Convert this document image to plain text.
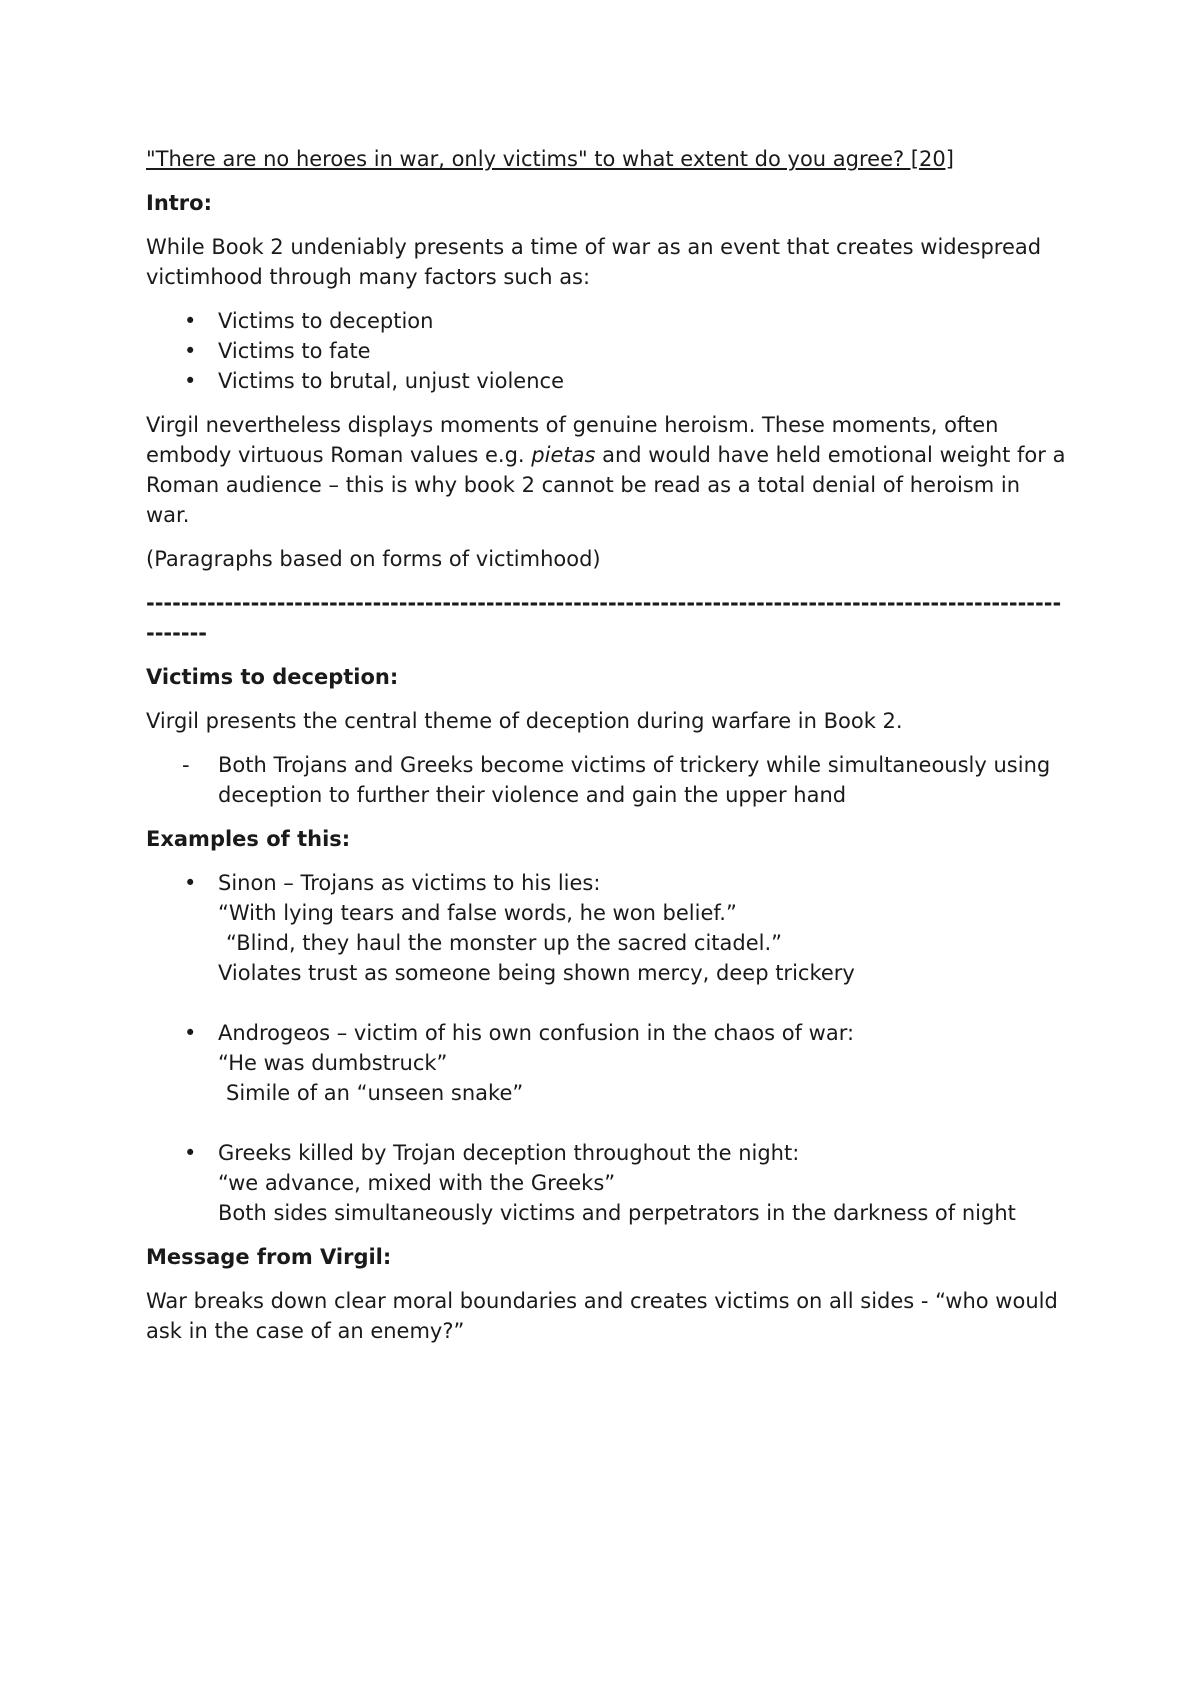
"There are no heroes in war, only victims" to what extent do you agree? [20]
Intro:

While Book 2 undeniably presents a time of war as an event that creates widespread victimhood through many factors such as:

• Victims to deception
• Victims to fate
• Victims to brutal, unjust violence

Virgil nevertheless displays moments of genuine heroism. These moments, often embody virtuous Roman values e.g. pietas and would have held emotional weight for a Roman audience – this is why book 2 cannot be read as a total denial of heroism in war.

(Paragraphs based on forms of victimhood)

----------------------------------------------------------------------------------------------------------------
Victims to deception:

Virgil presents the central theme of deception during warfare in Book 2.

- Both Trojans and Greeks become victims of trickery while simultaneously using deception to further their violence and gain the upper hand
Examples of this:
• Sinon – Trojans as victims to his lies:
“With lying tears and false words, he won belief.”
“Blind, they haul the monster up the sacred citadel.”
Violates trust as someone being shown mercy, deep trickery
• Androgeos – victim of his own confusion in the chaos of war:
“He was dumbstruck”
Simile of an “unseen snake”
• Greeks killed by Trojan deception throughout the night:
“we advance, mixed with the Greeks”
Both sides simultaneously victims and perpetrators in the darkness of night
Message from Virgil:

War breaks down clear moral boundaries and creates victims on all sides - “who would ask in the case of an enemy?”
